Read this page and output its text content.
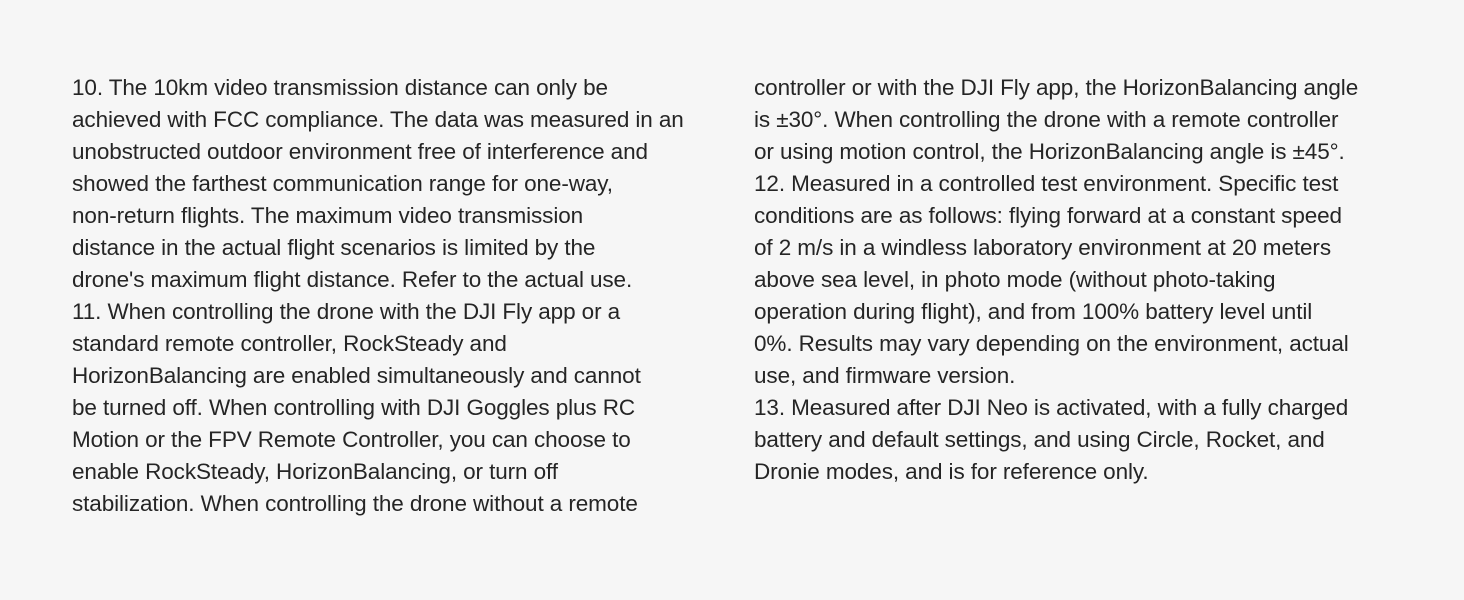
10. The 10km video transmission distance can only be
achieved with FCC compliance. The data was measured in an
unobstructed outdoor environment free of interference and
showed the farthest communication range for one-way,
non-return flights. The maximum video transmission
distance in the actual flight scenarios is limited by the
drone's maximum flight distance. Refer to the actual use.
11. When controlling the drone with the DJI Fly app or a
standard remote controller, RockSteady and
HorizonBalancing are enabled simultaneously and cannot
be turned off. When controlling with DJI Goggles plus RC
Motion or the FPV Remote Controller, you can choose to
enable RockSteady, HorizonBalancing, or turn off
stabilization. When controlling the drone without a remote
controller or with the DJI Fly app, the HorizonBalancing angle
is ±30°. When controlling the drone with a remote controller
or using motion control, the HorizonBalancing angle is ±45°.
12. Measured in a controlled test environment. Specific test
conditions are as follows: flying forward at a constant speed
of 2 m/s in a windless laboratory environment at 20 meters
above sea level, in photo mode (without photo-taking
operation during flight), and from 100% battery level until
0%. Results may vary depending on the environment, actual
use, and firmware version.
13. Measured after DJI Neo is activated, with a fully charged
battery and default settings, and using Circle, Rocket, and
Dronie modes, and is for reference only.
